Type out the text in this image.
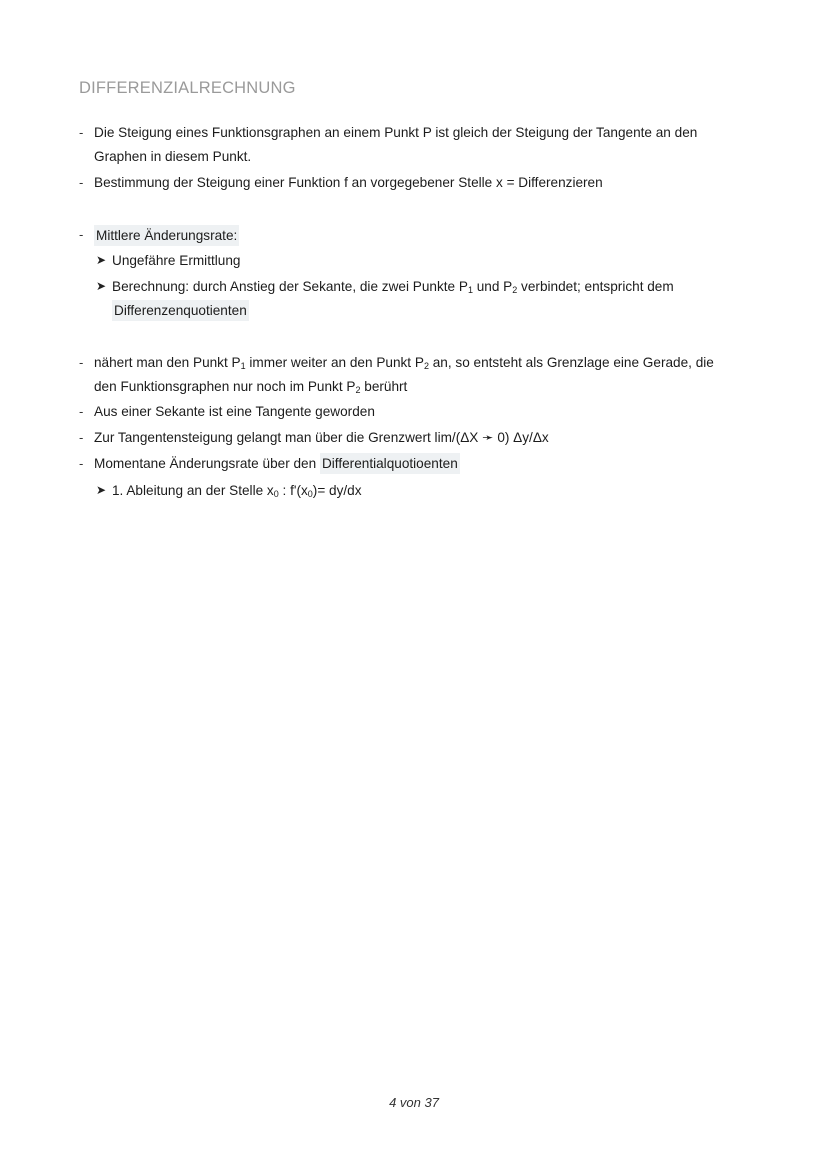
DIFFERENZIALRECHNUNG
- Die Steigung eines Funktionsgraphen an einem Punkt P ist gleich der Steigung der Tangente an den
Graphen in diesem Punkt.
- Bestimmung der Steigung einer Funktion f an vorgegebener Stelle x = Differenzieren
- Mittlere Änderungsrate:
➤ Ungefähre Ermittlung
➤ Berechnung: durch Anstieg der Sekante, die zwei Punkte $P_1$ und $P_2$ verbindet; entspricht dem
Differenzenquotienten
- nähert man den Punkt $P_1$ immer weiter an den Punkt $P_2$ an, so entsteht als Grenzlage eine Gerade, die
den Funktionsgraphen nur noch im Punkt $P_2$ berührt
- Aus einer Sekante ist eine Tangente geworden
- Zur Tangentensteigung gelangt man über die Grenzwert lim/(ΔX ➛ 0) Δy/Δx
- Momentane Änderungsrate über den Differentialquotioenten
➤ 1. Ableitung an der Stelle $x_0$ : $f'(x_0)= dy/dx$
4 von 37
